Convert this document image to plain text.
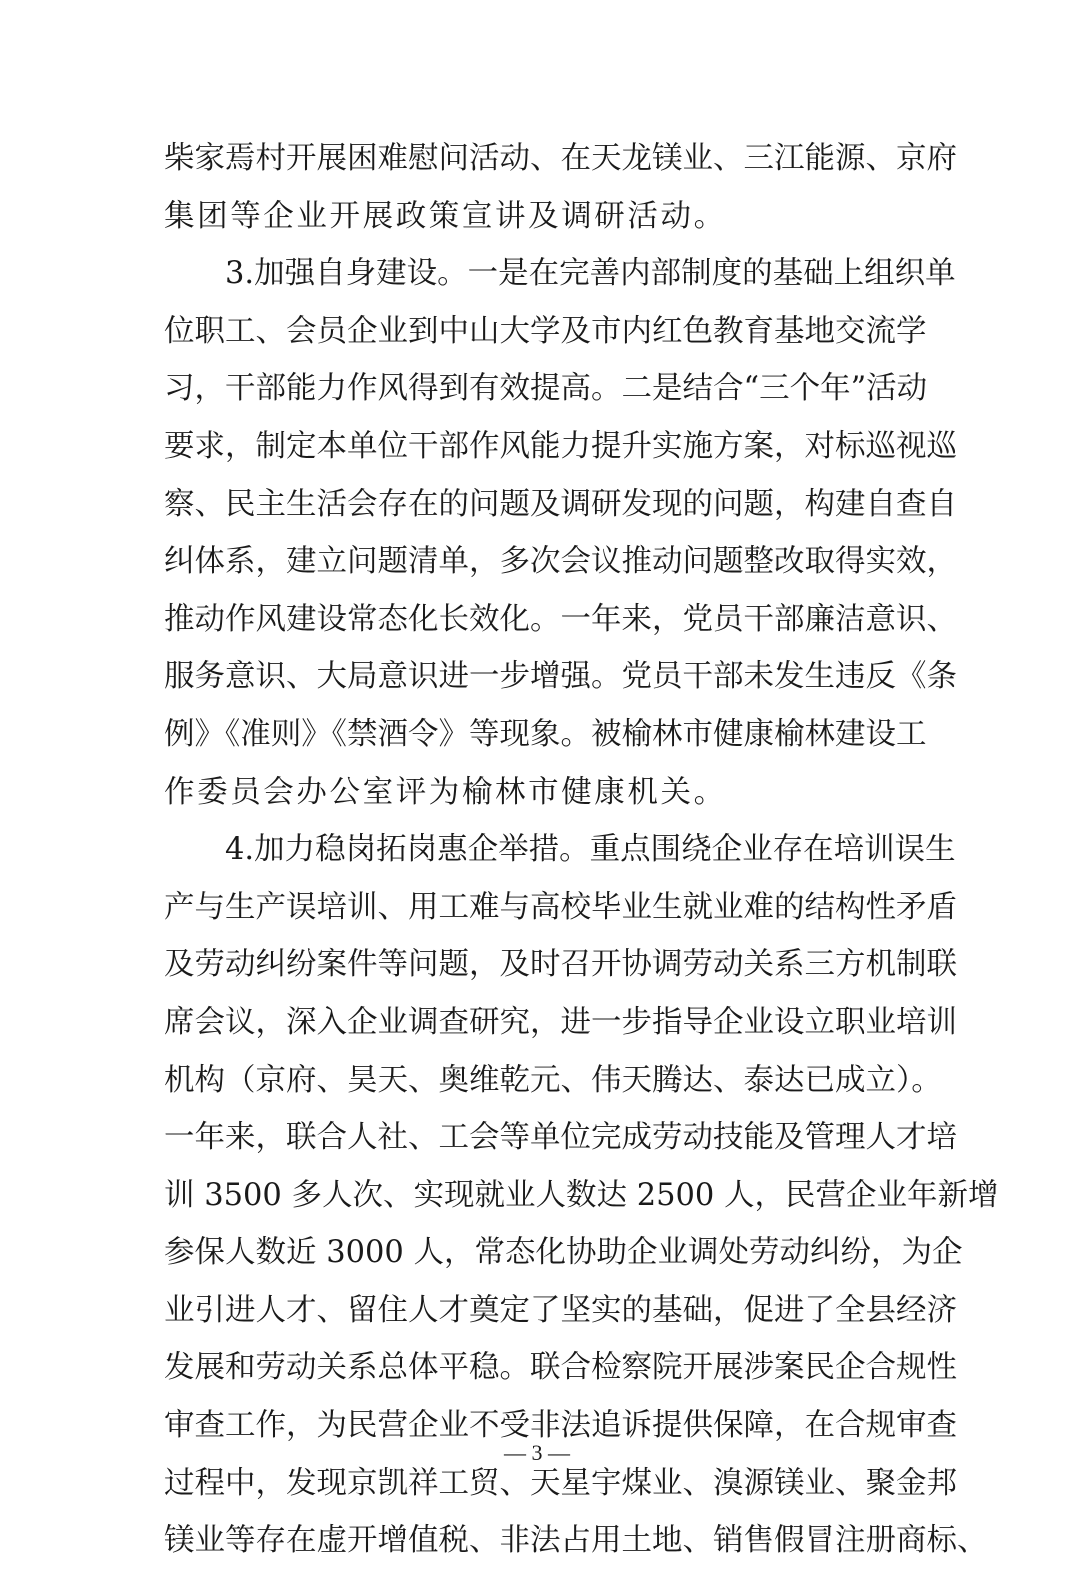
柴家焉村开展困难慰问活动、在天龙镁业、三江能源、京府
集团等企业开展政策宣讲及调研活动。
　　3.加强自身建设。一是在完善内部制度的基础上组织单
位职工、会员企业到中山大学及市内红色教育基地交流学
习，干部能力作风得到有效提高。二是结合“三个年”活动
要求，制定本单位干部作风能力提升实施方案，对标巡视巡
察、民主生活会存在的问题及调研发现的问题，构建自查自
纠体系，建立问题清单，多次会议推动问题整改取得实效，
推动作风建设常态化长效化。一年来，党员干部廉洁意识、
服务意识、大局意识进一步增强。党员干部未发生违反《条
例》《准则》《禁酒令》等现象。被榆林市健康榆林建设工
作委员会办公室评为榆林市健康机关。
　　4.加力稳岗拓岗惠企举措。重点围绕企业存在培训误生
产与生产误培训、用工难与高校毕业生就业难的结构性矛盾
及劳动纠纷案件等问题，及时召开协调劳动关系三方机制联
席会议，深入企业调查研究，进一步指导企业设立职业培训
机构（京府、昊天、奥维乾元、伟天腾达、泰达已成立）。
一年来，联合人社、工会等单位完成劳动技能及管理人才培
训 3500 多人次、实现就业人数达 2500 人，民营企业年新增
参保人数近 3000 人，常态化协助企业调处劳动纠纷，为企
业引进人才、留住人才奠定了坚实的基础，促进了全县经济
发展和劳动关系总体平稳。联合检察院开展涉案民企合规性
审查工作，为民营企业不受非法追诉提供保障，在合规审查
过程中，发现京凯祥工贸、天星宇煤业、溴源镁业、聚金邦
镁业等存在虚开增值税、非法占用土地、销售假冒注册商标、
— 3 —
